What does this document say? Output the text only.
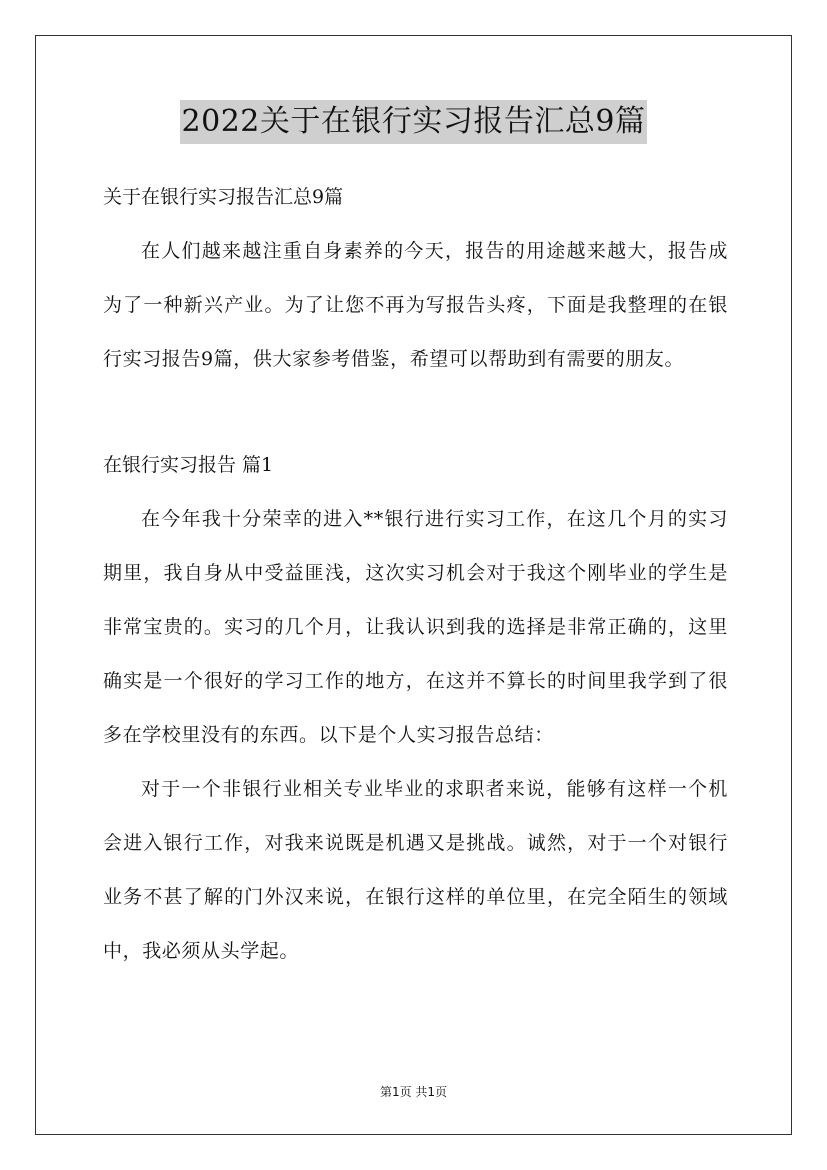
2022关于在银行实习报告汇总9篇

关于在银行实习报告汇总9篇

在人们越来越注重自身素养的今天，报告的用途越来越大，报告成为了一种新兴产业。为了让您不再为写报告头疼，下面是我整理的在银行实习报告9篇，供大家参考借鉴，希望可以帮助到有需要的朋友。

在银行实习报告 篇1

在今年我十分荣幸的进入**银行进行实习工作，在这几个月的实习期里，我自身从中受益匪浅，这次实习机会对于我这个刚毕业的学生是非常宝贵的。实习的几个月，让我认识到我的选择是非常正确的，这里确实是一个很好的学习工作的地方，在这并不算长的时间里我学到了很多在学校里没有的东西。以下是个人实习报告总结：

对于一个非银行业相关专业毕业的求职者来说，能够有这样一个机会进入银行工作，对我来说既是机遇又是挑战。诚然，对于一个对银行业务不甚了解的门外汉来说，在银行这样的单位里，在完全陌生的领域中，我必须从头学起。

第1页 共1页
